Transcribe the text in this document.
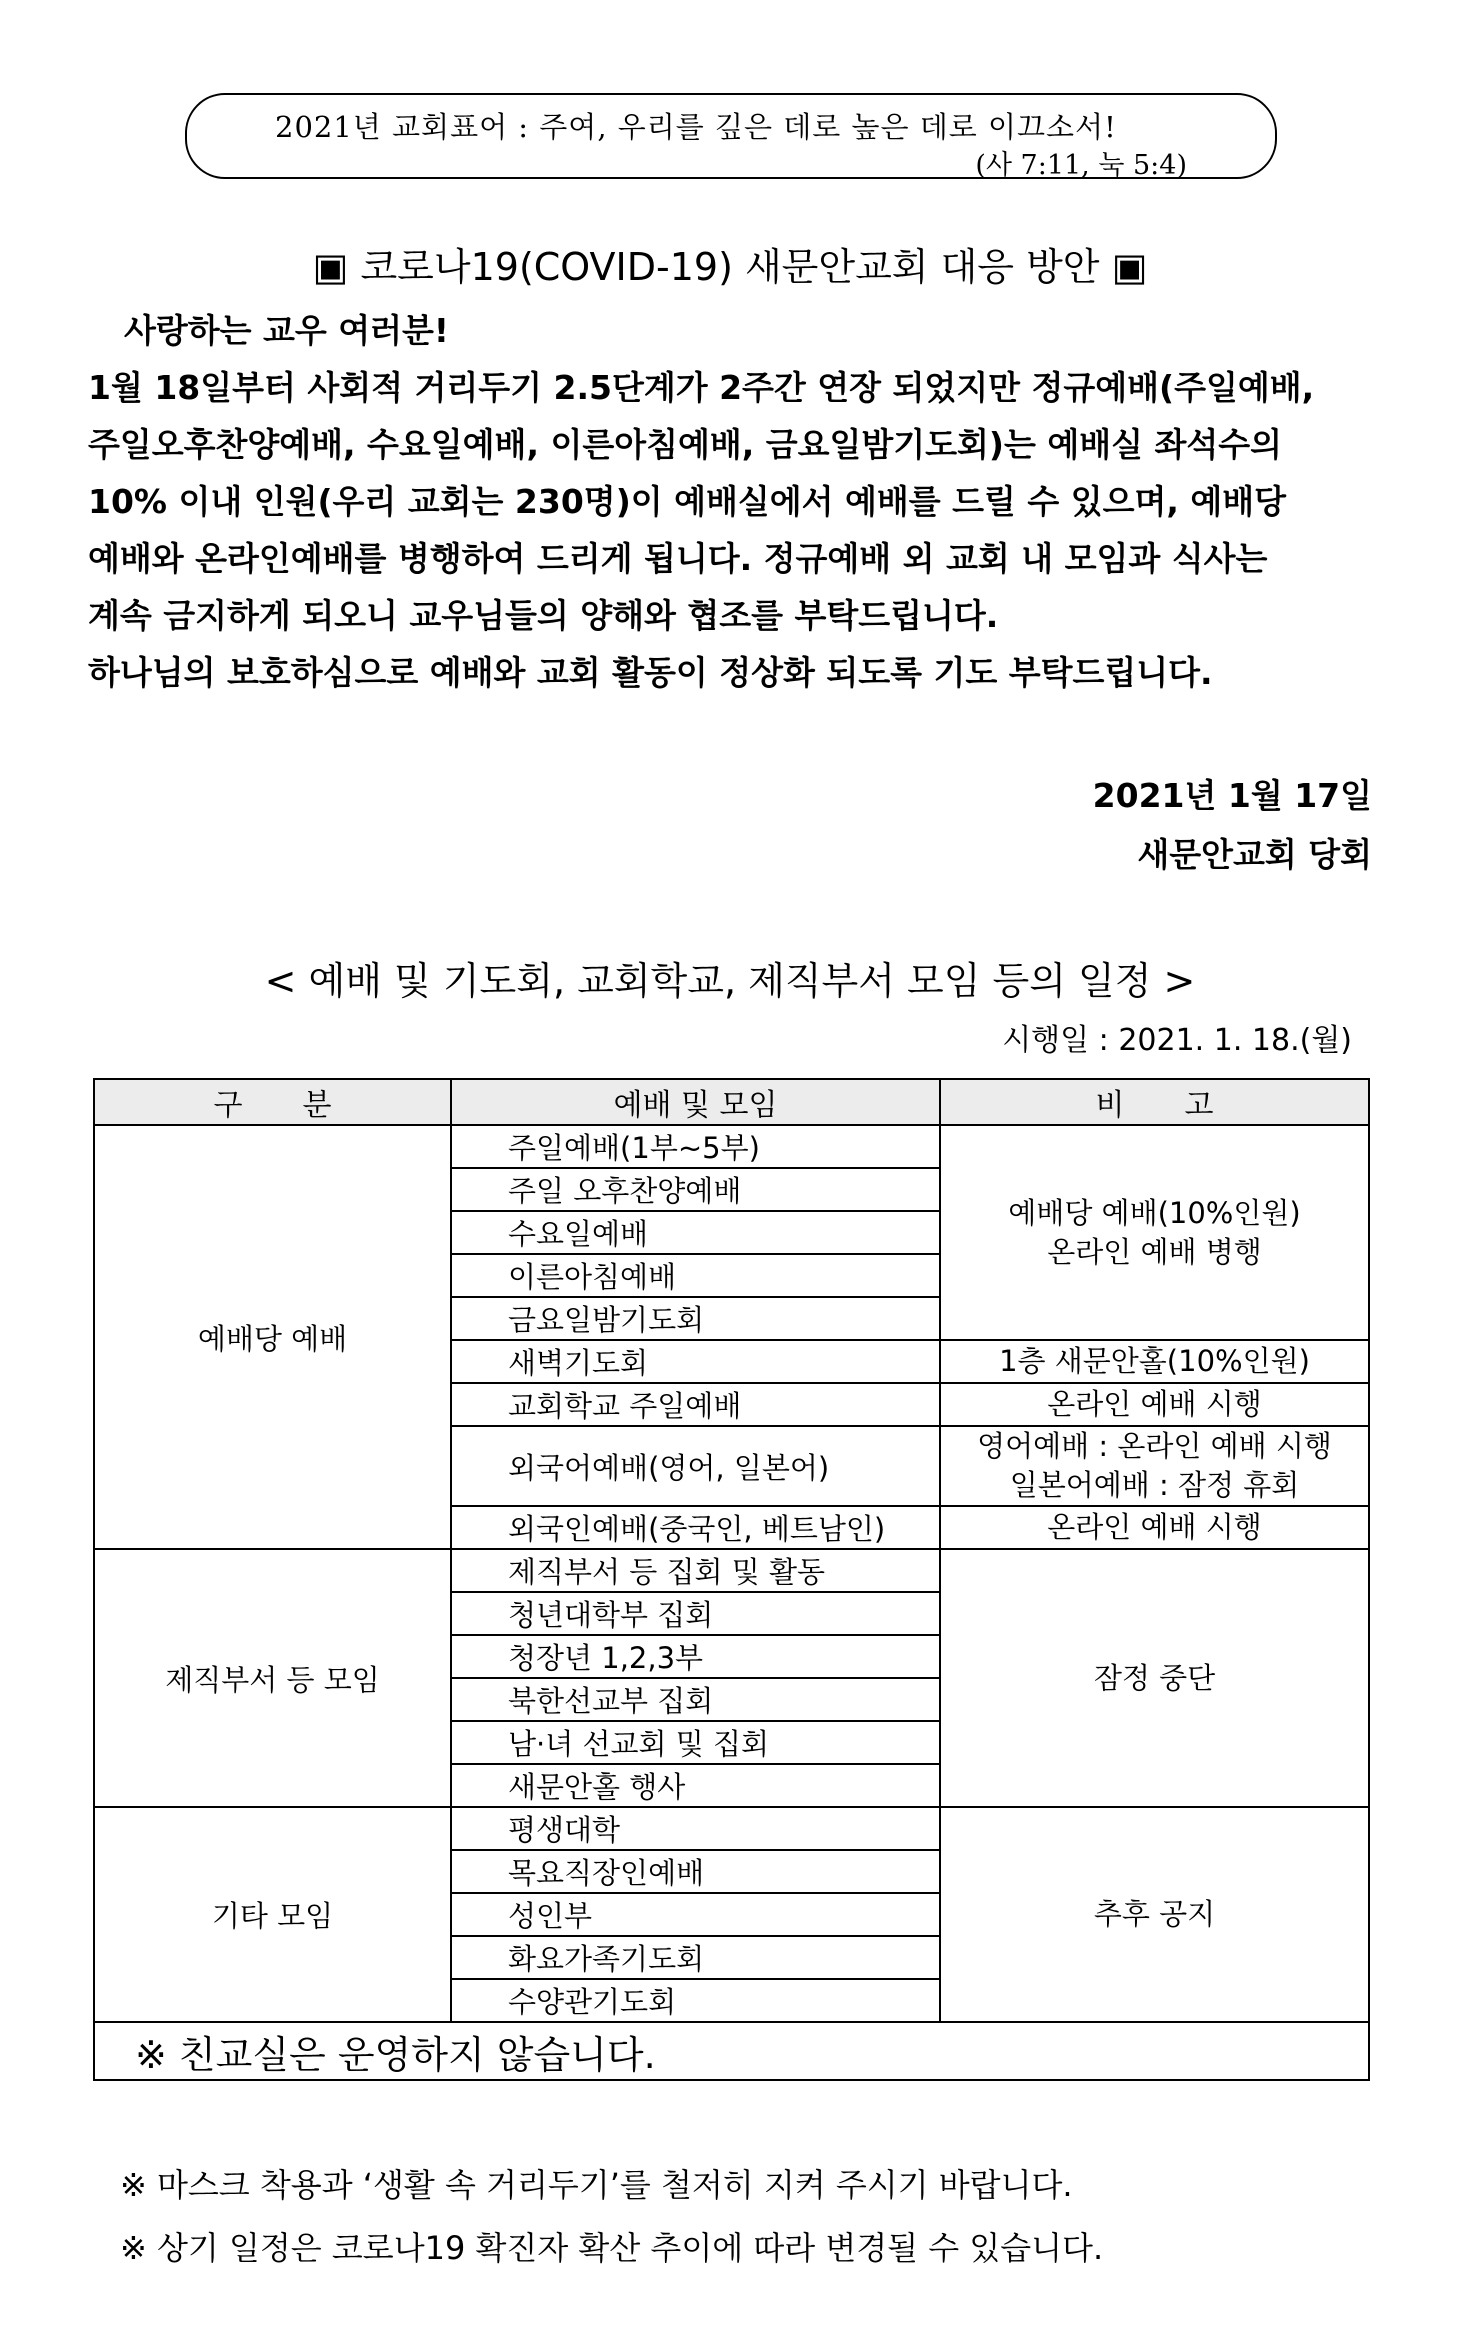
2021년 교회표어 : 주여, 우리를 깊은 데로 높은 데로 이끄소서!
(사 7:11, 눅 5:4)
▣ 코로나19(COVID-19) 새문안교회 대응 방안 ▣

사랑하는 교우 여러분!

1월 18일부터 사회적 거리두기 2.5단계가 2주간 연장 되었지만 정규예배(주일예배,

주일오후찬양예배, 수요일예배, 이른아침예배, 금요일밤기도회)는 예배실 좌석수의

10% 이내 인원(우리 교회는 230명)이 예배실에서 예배를 드릴 수 있으며, 예배당

예배와 온라인예배를 병행하여 드리게 됩니다. 정규예배 외 교회 내 모임과 식사는

계속 금지하게 되오니 교우님들의 양해와 협조를 부탁드립니다.

하나님의 보호하심으로 예배와 교회 활동이 정상화 되도록 기도 부탁드립니다.

2021년 1월 17일
새문안교회 당회
< 예배 및 기도회, 교회학교, 제직부서 모임 등의 일정 >
시행일 : 2021. 1. 18.(월)
구　　분	예배 및 모임	비　　고
예배당 예배	주일예배(1부~5부)	예배당 예배(10%인원)
온라인 예배 병행

	주일 오후찬양예배	
	수요일예배	
	이른아침예배	
	금요일밤기도회	
	새벽기도회	1층 새문안홀(10%인원)
	교회학교 주일예배	온라인 예배 시행
	외국어예배(영어, 일본어)	영어예배 : 온라인 예배 시행
일본어예배 : 잠정 휴회

	외국인예배(중국인, 베트남인)	온라인 예배 시행
제직부서 등 모임	제직부서 등 집회 및 활동	잠정 중단
	청년대학부 집회	
	청장년 1,2,3부	
	북한선교부 집회	
	남·녀 선교회 및 집회	
	새문안홀 행사	
기타 모임	평생대학	추후 공지
	목요직장인예배	
	성인부	
	화요가족기도회	
	수양관기도회	
※ 친교실은 운영하지 않습니다.		
※ 마스크 착용과 ‘생활 속 거리두기’를 철저히 지켜 주시기 바랍니다.
※ 상기 일정은 코로나19 확진자 확산 추이에 따라 변경될 수 있습니다.
